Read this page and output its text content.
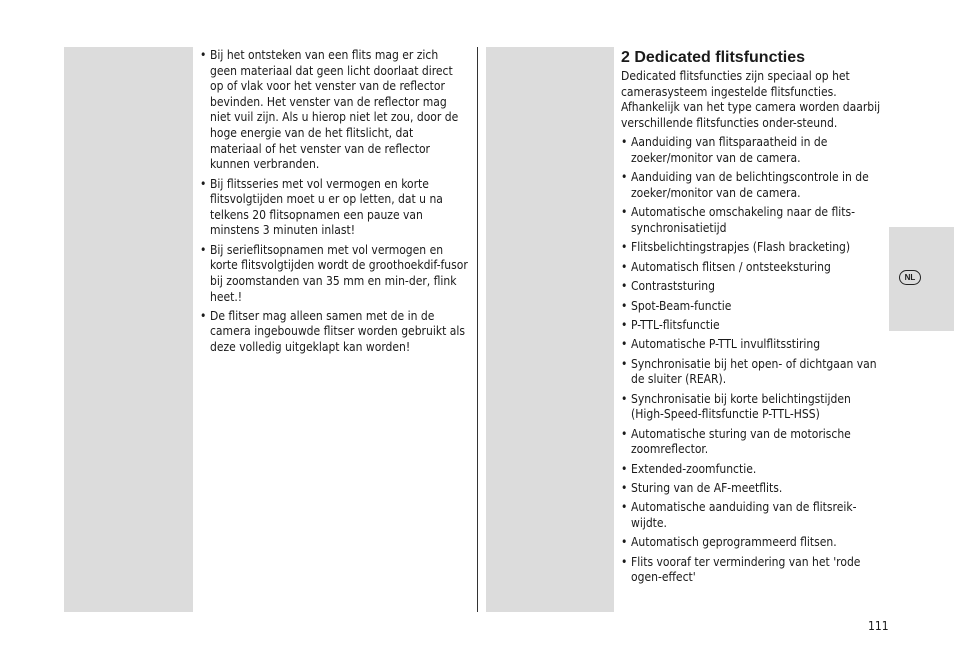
• Bij het ontsteken van een flits mag er zich geen materiaal dat geen licht doorlaat direct op of vlak voor het venster van de reflector bevinden. Het venster van de reflector mag niet vuil zijn. Als u hierop niet let zou, door de hoge energie van de het flitslicht, dat materiaal of het venster van de reflector kunnen verbranden.
• Bij flitsseries met vol vermogen en korte flitsvolgtijden moet u er op letten, dat u na telkens 20 flitsopnamen een pauze van minstens 3 minuten inlast!
• Bij serieflitsopnamen met vol vermogen en korte flitsvolgtijden wordt de groothoekdif-fusor bij zoomstanden van 35 mm en min-der, flink heet.!
• De flitser mag alleen samen met de in de camera ingebouwde flitser worden gebruikt als deze volledig uitgeklapt kan worden!
2 Dedicated flitsfuncties

Dedicated flitsfuncties zijn speciaal op het camerasysteem ingestelde flitsfuncties. Afhankelijk van het type camera worden daarbij verschillende flitsfuncties onder-steund.

• Aanduiding van flitsparaatheid in de zoeker/monitor van de camera.
• Aanduiding van de belichtingscontrole in de zoeker/monitor van de camera.
• Automatische omschakeling naar de flits-synchronisatietijd
• Flitsbelichtingstrapjes (Flash bracketing)
• Automatisch flitsen / ontsteeksturing
• Contraststuring
• Spot-Beam-functie
• P-TTL-flitsfunctie
• Automatische P-TTL invulflitsstiring
• Synchronisatie bij het open- of dichtgaan van de sluiter (REAR).
• Synchronisatie bij korte belichtingstijden (High-Speed-flitsfunctie P-TTL-HSS)
• Automatische sturing van de motorische zoomreflector.
• Extended-zoomfunctie.
• Sturing van de AF-meetflits.
• Automatische aanduiding van de flitsreik-wijdte.
• Automatisch geprogrammeerd flitsen.
• Flits vooraf ter vermindering van het 'rode ogen-effect'
NL
111
